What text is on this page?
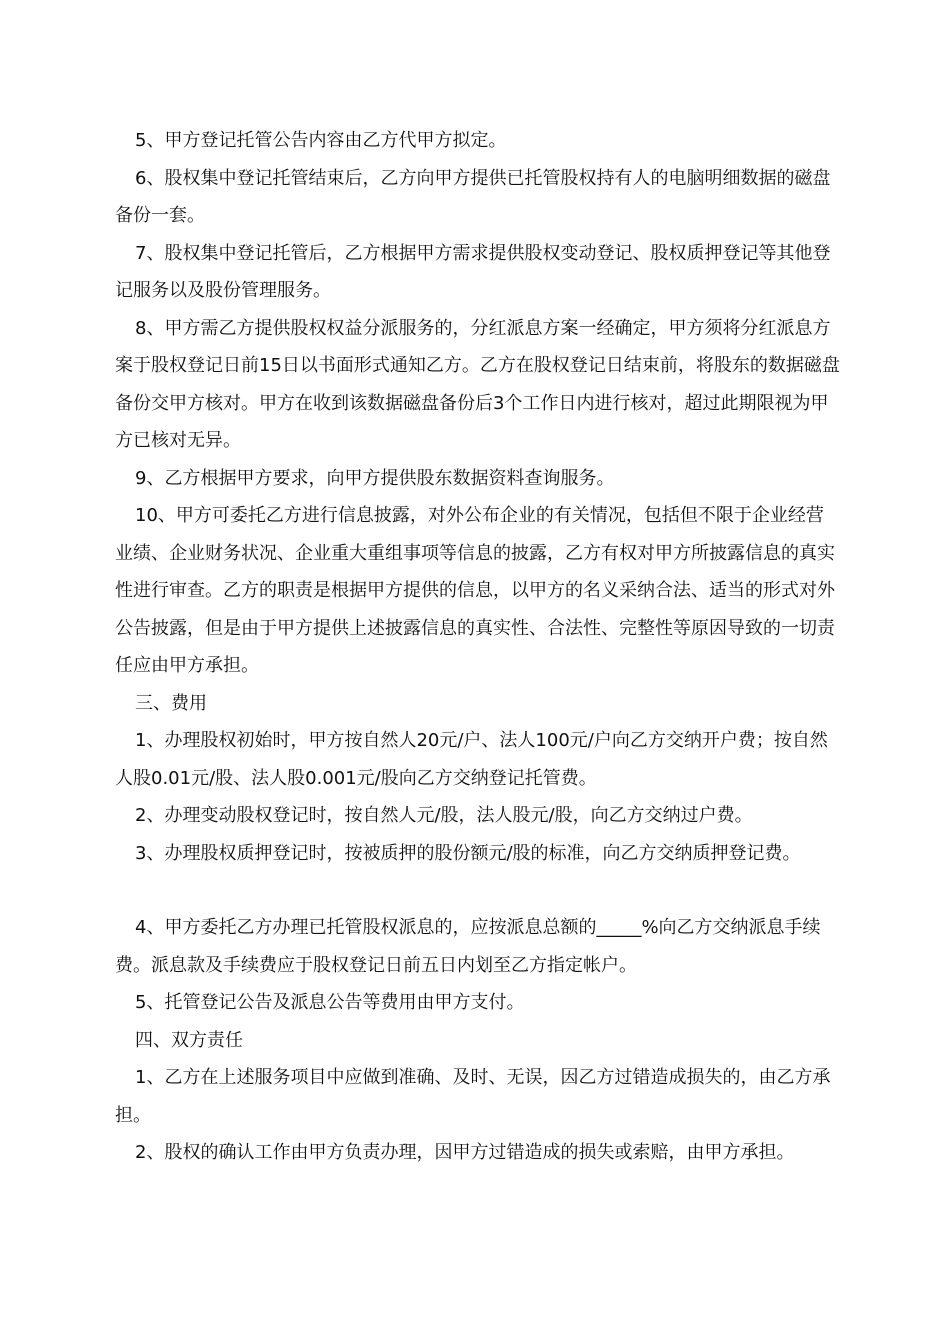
5、甲方登记托管公告内容由乙方代甲方拟定。

6、股权集中登记托管结束后，乙方向甲方提供已托管股权持有人的电脑明细数据的磁盘备份一套。

7、股权集中登记托管后，乙方根据甲方需求提供股权变动登记、股权质押登记等其他登记服务以及股份管理服务。

8、甲方需乙方提供股权权益分派服务的，分红派息方案一经确定，甲方须将分红派息方案于股权登记日前15日以书面形式通知乙方。乙方在股权登记日结束前，将股东的数据磁盘备份交甲方核对。甲方在收到该数据磁盘备份后3个工作日内进行核对，超过此期限视为甲方已核对无异。

9、乙方根据甲方要求，向甲方提供股东数据资料查询服务。

10、甲方可委托乙方进行信息披露，对外公布企业的有关情况，包括但不限于企业经营业绩、企业财务状况、企业重大重组事项等信息的披露，乙方有权对甲方所披露信息的真实性进行审查。乙方的职责是根据甲方提供的信息，以甲方的名义采纳合法、适当的形式对外公告披露，但是由于甲方提供上述披露信息的真实性、合法性、完整性等原因导致的一切责任应由甲方承担。

三、费用

1、办理股权初始时，甲方按自然人20元/户、法人100元/户向乙方交纳开户费；按自然人股0.01元/股、法人股0.001元/股向乙方交纳登记托管费。

2、办理变动股权登记时，按自然人元/股，法人股元/股，向乙方交纳过户费。

3、办理股权质押登记时，按被质押的股份额元/股的标准，向乙方交纳质押登记费。

4、甲方委托乙方办理已托管股权派息的，应按派息总额的_____%向乙方交纳派息手续费。派息款及手续费应于股权登记日前五日内划至乙方指定帐户。

5、托管登记公告及派息公告等费用由甲方支付。

四、双方责任

1、乙方在上述服务项目中应做到准确、及时、无误，因乙方过错造成损失的，由乙方承担。

2、股权的确认工作由甲方负责办理，因甲方过错造成的损失或索赔，由甲方承担。
